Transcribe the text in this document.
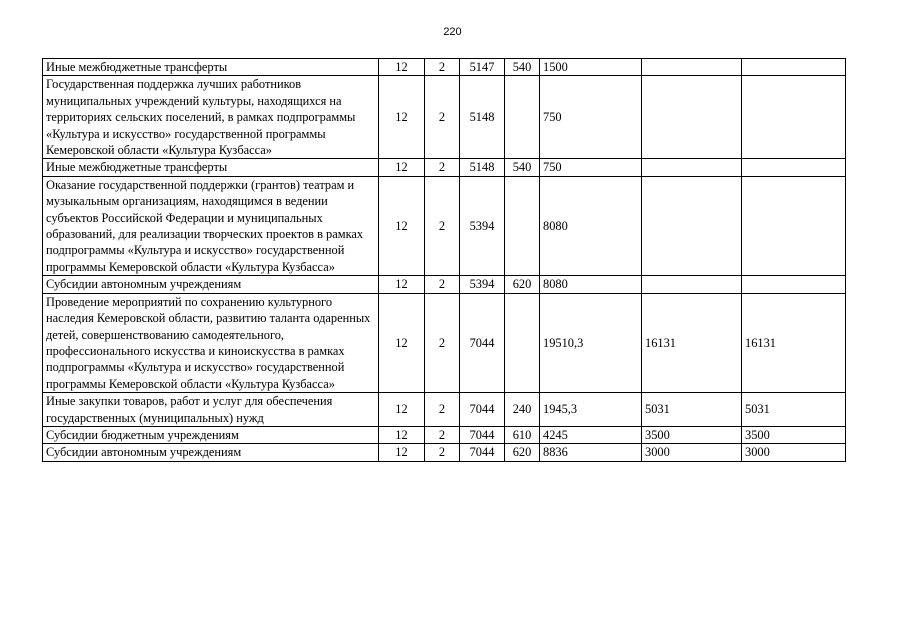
220
Иные межбюджетные трансферты	12	2	5147	540	1500		
Государственная поддержка лучших работников муниципальных учреждений культуры, находящихся на территориях сельских поселений, в рамках подпрограммы «Культура и искусство» государственной программы Кемеровской области «Культура Кузбасса»	12	2	5148		750		
Иные межбюджетные трансферты	12	2	5148	540	750		
Оказание государственной поддержки (грантов) театрам и музыкальным организациям, находящимся в ведении субъектов Российской Федерации и муниципальных образований, для реализации творческих проектов в рамках подпрограммы «Культура и искусство» государственной программы Кемеровской области «Культура Кузбасса»	12	2	5394		8080		
Субсидии автономным учреждениям	12	2	5394	620	8080		
Проведение мероприятий по сохранению культурного наследия Кемеровской области, развитию таланта одаренных детей, совершенствованию самодеятельного, профессионального искусства и киноискусства в рамках подпрограммы «Культура и искусство» государственной программы Кемеровской области «Культура Кузбасса»	12	2	7044		19510,3	16131	16131
Иные закупки товаров, работ и услуг для обеспечения государственных (муниципальных) нужд	12	2	7044	240	1945,3	5031	5031
Субсидии бюджетным учреждениям	12	2	7044	610	4245	3500	3500
Субсидии автономным учреждениям	12	2	7044	620	8836	3000	3000
